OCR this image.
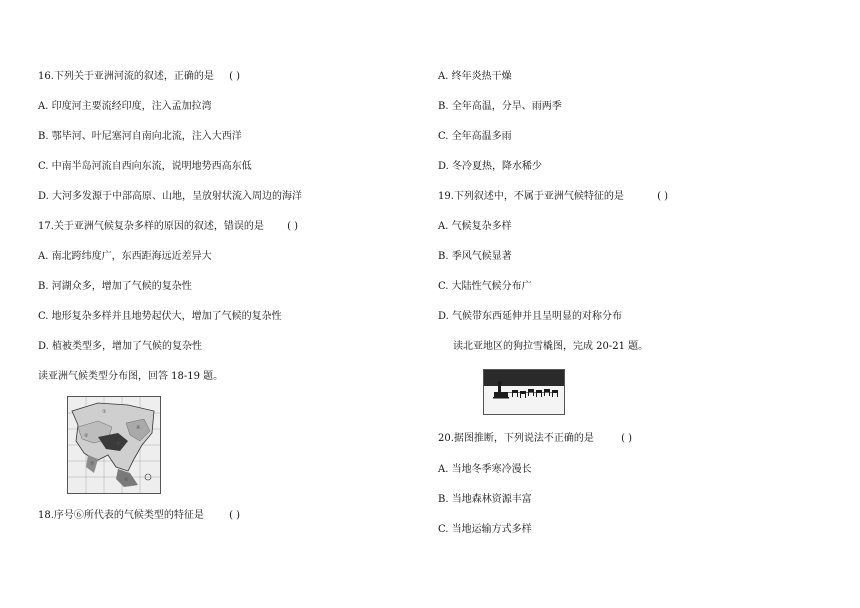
16.下列关于亚洲河流的叙述，正确的是 ( )
A. 印度河主要流经印度，注入孟加拉湾
B. 鄂毕河、叶尼塞河自南向北流，注入大西洋
C. 中南半岛河流自西向东流，说明地势西高东低
D. 大河多发源于中部高原、山地，呈放射状流入周边的海洋
17.关于亚洲气候复杂多样的原因的叙述，错误的是 ( )
A. 南北跨纬度广，东西距海远近差异大
B. 河湖众多，增加了气候的复杂性
C. 地形复杂多样并且地势起伏大，增加了气候的复杂性
D. 植被类型多，增加了气候的复杂性
读亚洲气候类型分布图，回答 18-19 题。
18.序号⑥所代表的气候类型的特征是	( )
①
②
③
④
⑤
⑥
A. 终年炎热干燥
B. 全年高温，分旱、雨两季
C. 全年高温多雨
D. 冬冷夏热，降水稀少
19.下列叙述中，不属于亚洲气候特征的是	( )
A. 气候复杂多样
B. 季风气候显著
C. 大陆性气候分布广
D. 气候带东西延伸并且呈明显的对称分布
读北亚地区的狗拉雪橇图，完成 20-21 题。
20.据图推断，下列说法不正确的是	( )
A. 当地冬季寒冷漫长
B. 当地森林资源丰富
C. 当地运输方式多样
